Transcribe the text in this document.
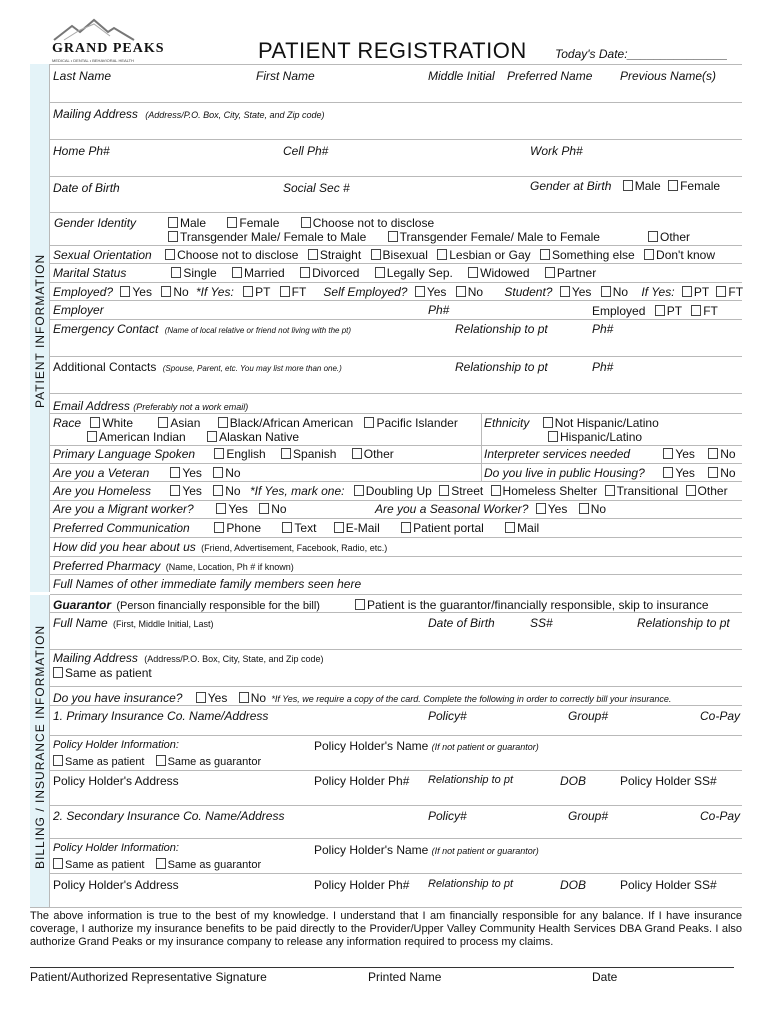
GRAND PEAKS
MEDICAL • DENTAL • BEHAVIORAL HEALTH	PATIENT REGISTRATION Today's Date:_______________
PATIENT INFORMATION
BILLING / INSURANCE INFORMATION
Last Name	First Name	Middle Initial Preferred Name Previous Name(s)
Mailing Address (Address/P.O. Box, City, State, and Zip code)
Home Ph#	Cell Ph#	Work Ph#
Date of Birth	Social Sec #	Gender at Birth Male Female
Gender Identity	Male	Female	Choose not to disclose
Transgender Male/ Female to Male	Transgender Female/ Male to Female	Other
Sexual Orientation Choose not to disclose Straight Bisexual Lesbian or Gay Something else Don't know
Marital Status	Single Married Divorced Legally Sep. Widowed Partner
Employed? Yes No *If Yes: PT FT Self Employed? Yes No Student? Yes No If Yes: PT FT
Employer	Ph#	Employed PT FT
Emergency Contact (Name of local relative or friend not living with the pt)	Relationship to pt	Ph#
Additional Contacts (Spouse, Parent, etc. You may list more than one.)	Relationship to pt	Ph#
Email Address (Preferably not a work email)
Race White	Asian Black/African American Pacific Islander
American Indian	Alaskan Native
Ethnicity Not Hispanic/Latino
Hispanic/Latino
Primary Language Spoken	English Spanish Other	Interpreter services needed	Yes No
Are you a Veteran	Yes No	Do you live in public Housing?	Yes No
Are you Homeless	Yes No *If Yes, mark one: Doubling Up Street Homeless Shelter Transitional Other
Are you a Migrant worker?	Yes No	Are you a Seasonal Worker? Yes No
Preferred Communication	Phone	Text E-Mail	Patient portal	Mail
How did you hear about us (Friend, Advertisement, Facebook, Radio, etc.)
Preferred Pharmacy (Name, Location, Ph # if known)
Full Names of other immediate family members seen here
Guarantor (Person financially responsible for the bill)	Patient is the guarantor/financially responsible, skip to insurance
Full Name (First, Middle Initial, Last)	Date of Birth	SS#	Relationship to pt
Mailing Address (Address/P.O. Box, City, State, and Zip code)
Same as patient
Do you have insurance? Yes No *If Yes, we require a copy of the card. Complete the following in order to correctly bill your insurance.
1. Primary Insurance Co. Name/Address	Policy#	Group#	Co-Pay
Policy Holder Information:
Same as patient Same as guarantor
Policy Holder's Name (If not patient or guarantor)
Policy Holder's Address	Policy Holder Ph# Relationship to pt	DOB	Policy Holder SS#
2. Secondary Insurance Co. Name/Address	Policy#	Group#	Co-Pay
Policy Holder Information:
Same as patient Same as guarantor
Policy Holder's Name (If not patient or guarantor)
Policy Holder's Address	Policy Holder Ph# Relationship to pt	DOB	Policy Holder SS#
The above information is true to the best of my knowledge. I understand that I am financially responsible for any balance. If I have insurance coverage, I authorize my insurance benefits to be paid directly to the Provider/Upper Valley Community Health Services DBA Grand Peaks. I also authorize Grand Peaks or my insurance company to release any information required to process my claims.
Patient/Authorized Representative Signature	Printed Name	Date
